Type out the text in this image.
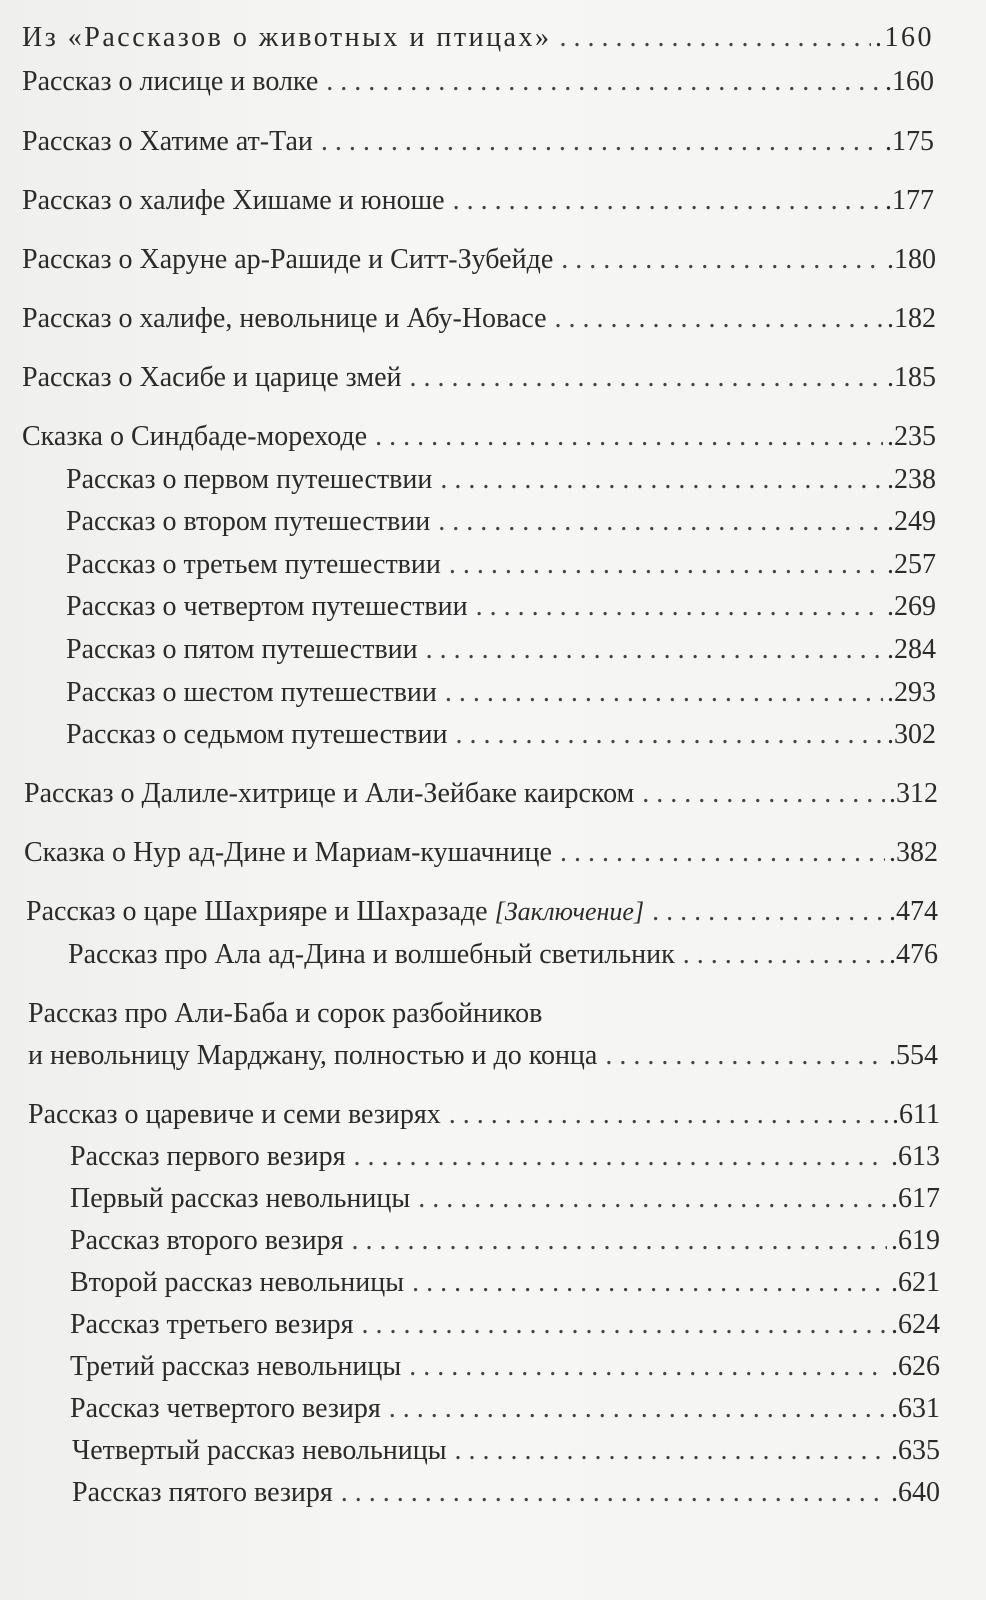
Из «Рассказов о животных и птицах» . . .	.160
Рассказ о лисице и волке . . .	.160
Рассказ о Хатиме ат-Таи . . .	.175
Рассказ о халифе Хишаме и юноше . . .	.177
Рассказ о Харуне ар-Рашиде и Ситт-Зубейде . . .	.180
Рассказ о халифе, невольнице и Абу-Новасе . . .	.182
Рассказ о Хасибе и царице змей . . .	.185
Сказка о Синдбаде-мореходе . . .	.235
Рассказ о первом путешествии . . .	.238
Рассказ о втором путешествии . . .	.249
Рассказ о третьем путешествии . . .	.257
Рассказ о четвертом путешествии . . .	.269
Рассказ о пятом путешествии . . .	.284
Рассказ о шестом путешествии . . .	.293
Рассказ о седьмом путешествии . . .	.302
Рассказ о Далиле-хитрице и Али-Зейбаке каирском . . .	.312
Сказка о Нур ад-Дине и Мариам-кушачнице . . .	.382
Рассказ о царе Шахрияре и Шахразаде [Заключение] . . .	.474
Рассказ про Ала ад-Дина и волшебный светильник . . .	.476
Рассказ про Али-Баба и сорок разбойников
и невольницу Марджану, полностью и до конца . . .	.554
Рассказ о царевиче и семи везирях . . .	.611
Рассказ первого везиря . . .	.613
Первый рассказ невольницы . . .	.617
Рассказ второго везиря . . .	.619
Второй рассказ невольницы . . .	.621
Рассказ третьего везиря . . .	.624
Третий рассказ невольницы . . .	.626
Рассказ четвертого везиря . . .	.631
Четвертый рассказ невольницы . . .	.635
Рассказ пятого везиря . . .	.640
